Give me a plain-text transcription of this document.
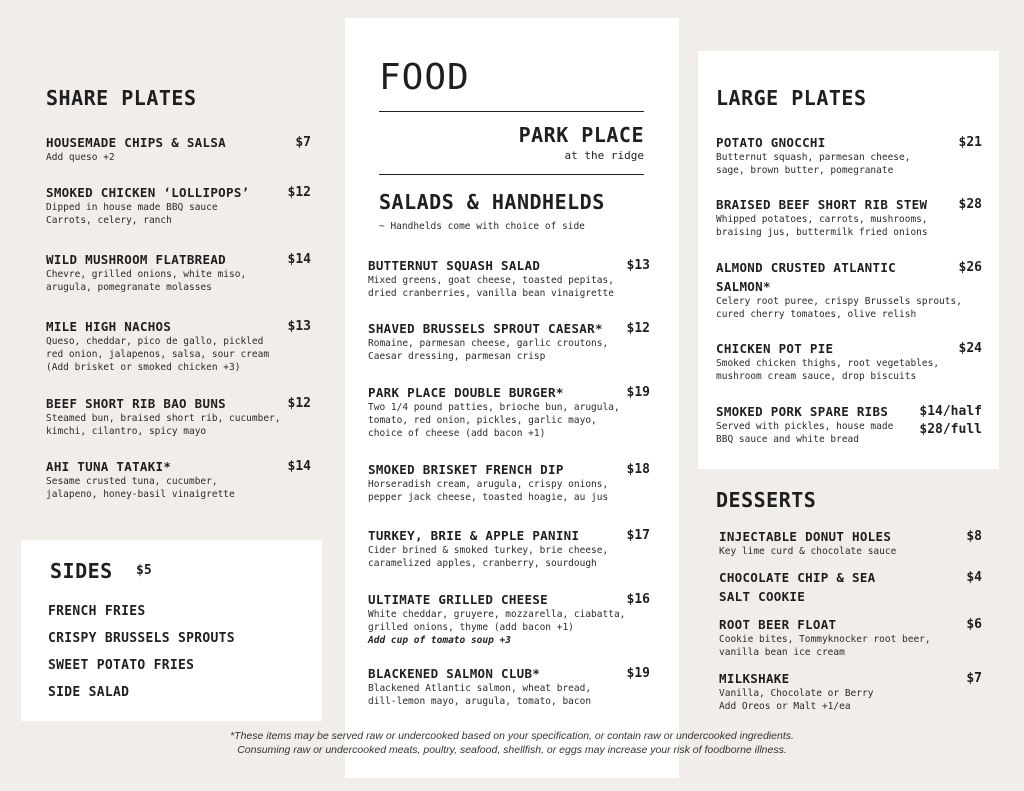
SHARE PLATES
HOUSEMADE CHIPS & SALSA	$7
Add queso +2
SMOKED CHICKEN ‘LOLLIPOPS’	$12
Dipped in house made BBQ sauce
Carrots, celery, ranch
WILD MUSHROOM FLATBREAD	$14
Chevre, grilled onions, white miso,
arugula, pomegranate molasses
MILE HIGH NACHOS	$13
Queso, cheddar, pico de gallo, pickled
red onion, jalapenos, salsa, sour cream
(Add brisket or smoked chicken +3)
BEEF SHORT RIB BAO BUNS	$12
Steamed bun, braised short rib, cucumber,
kimchi, cilantro, spicy mayo
AHI TUNA TATAKI*	$14
Sesame crusted tuna, cucumber,
jalapeno, honey-basil vinaigrette
SIDES $5
FRENCH FRIES
CRISPY BRUSSELS SPROUTS
SWEET POTATO FRIES
SIDE SALAD
FOOD
PARK PLACE
at the ridge
SALADS & HANDHELDS
~ Handhelds come with choice of side
BUTTERNUT SQUASH SALAD	$13
Mixed greens, goat cheese, toasted pepitas,
dried cranberries, vanilla bean vinaigrette
SHAVED BRUSSELS SPROUT CAESAR*	$12
Romaine, parmesan cheese, garlic croutons,
Caesar dressing, parmesan crisp
PARK PLACE DOUBLE BURGER*	$19
Two 1/4 pound patties, brioche bun, arugula,
tomato, red onion, pickles, garlic mayo,
choice of cheese (add bacon +1)
SMOKED BRISKET FRENCH DIP	$18
Horseradish cream, arugula, crispy onions,
pepper jack cheese, toasted hoagie, au jus
TURKEY, BRIE & APPLE PANINI	$17
Cider brined & smoked turkey, brie cheese,
caramelized apples, cranberry, sourdough
ULTIMATE GRILLED CHEESE	$16
White cheddar, gruyere, mozzarella, ciabatta,
grilled onions, thyme (add bacon +1)
Add cup of tomato soup +3
BLACKENED SALMON CLUB*	$19
Blackened Atlantic salmon, wheat bread,
dill-lemon mayo, arugula, tomato, bacon
LARGE PLATES
POTATO GNOCCHI	$21
Butternut squash, parmesan cheese,
sage, brown butter, pomegranate
BRAISED BEEF SHORT RIB STEW	$28
Whipped potatoes, carrots, mushrooms,
braising jus, buttermilk fried onions
ALMOND CRUSTED ATLANTIC
SALMON*
$26
Celery root puree, crispy Brussels sprouts,
cured cherry tomatoes, olive relish
CHICKEN POT PIE	$24
Smoked chicken thighs, root vegetables,
mushroom cream sauce, drop biscuits
SMOKED PORK SPARE RIBS	$14/half
$28/full
Served with pickles, house made
BBQ sauce and white bread
DESSERTS
INJECTABLE DONUT HOLES	$8
Key lime curd & chocolate sauce
CHOCOLATE CHIP & SEA
SALT COOKIE
$4
ROOT BEER FLOAT	$6
Cookie bites, Tommyknocker root beer,
vanilla bean ice cream
MILKSHAKE	$7
Vanilla, Chocolate or Berry
Add Oreos or Malt +1/ea
*These items may be served raw or undercooked based on your specification, or contain raw or undercooked ingredients.
Consuming raw or undercooked meats, poultry, seafood, shellfish, or eggs may increase your risk of foodborne illness.
